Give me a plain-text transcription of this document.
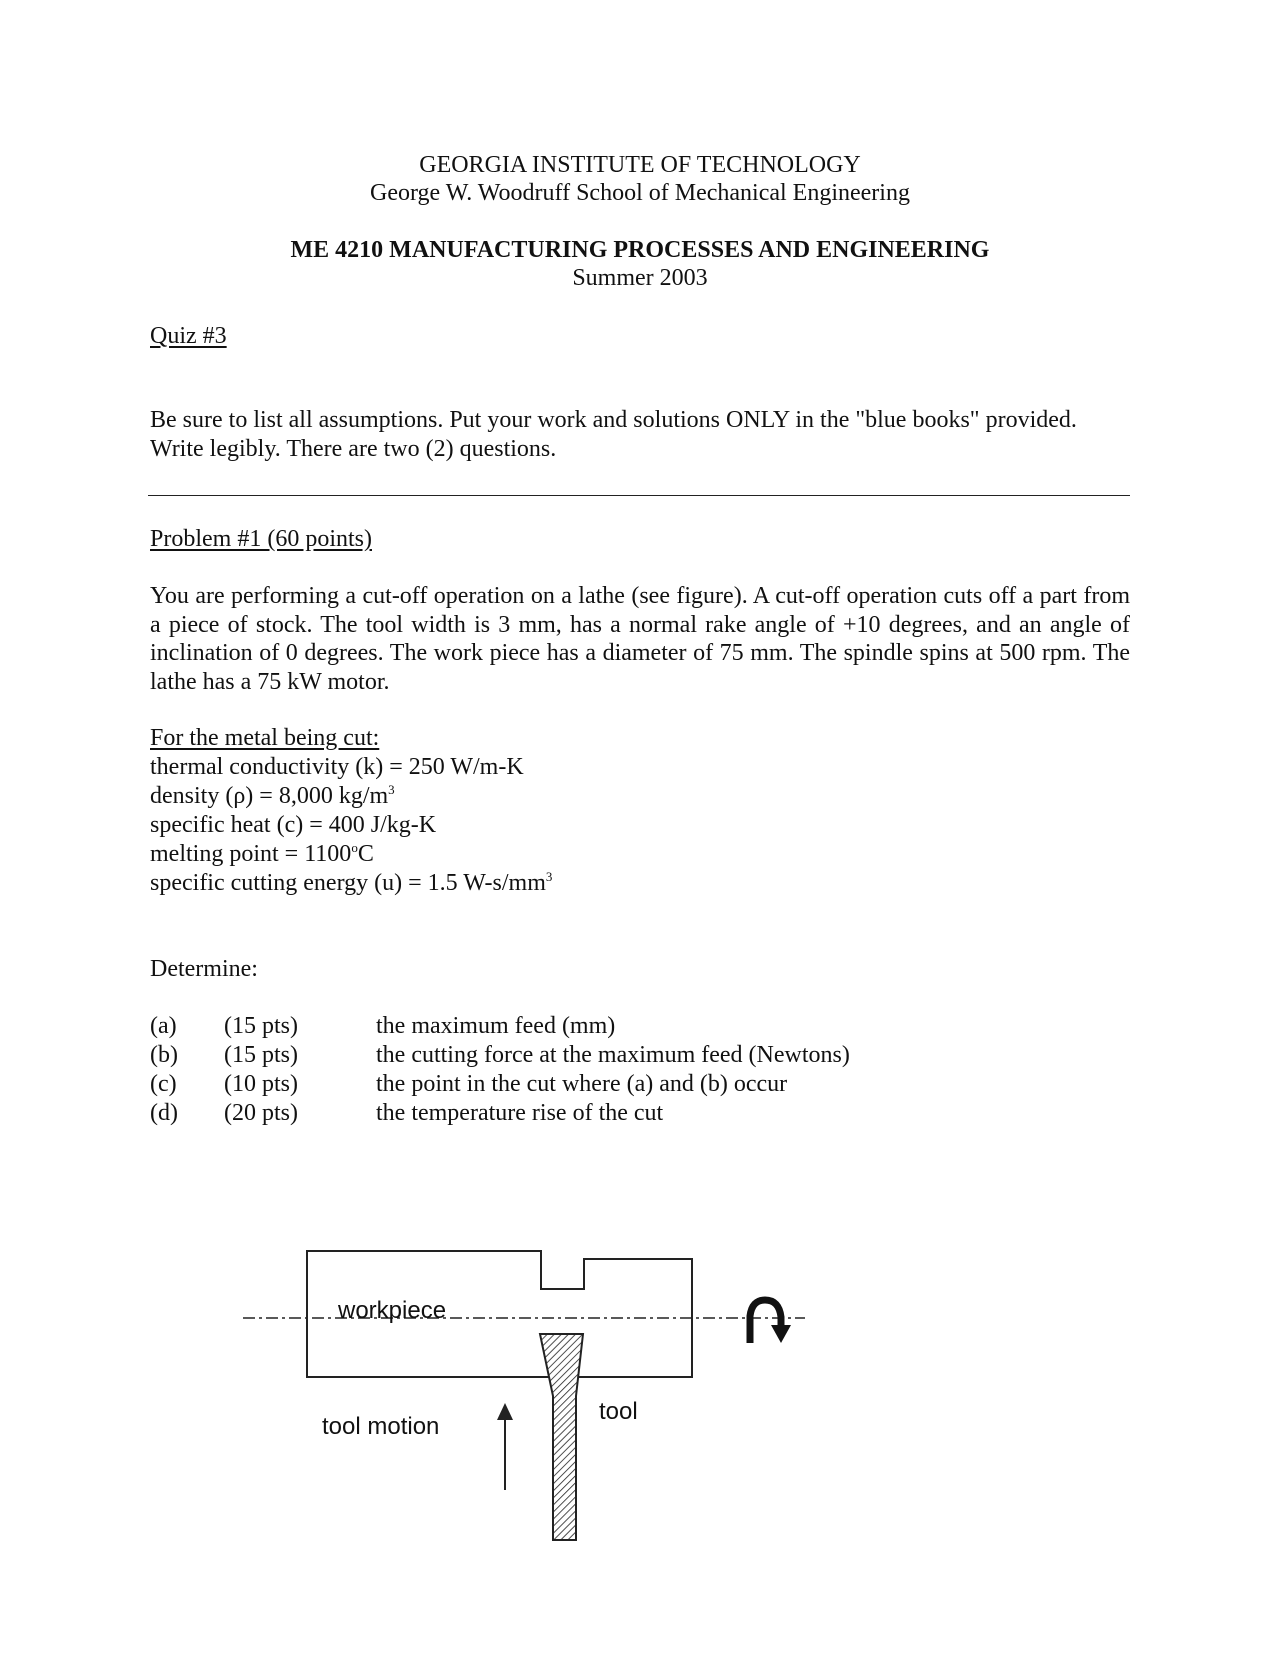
GEORGIA INSTITUTE OF TECHNOLOGY
George W. Woodruff School of Mechanical Engineering
ME 4210 MANUFACTURING PROCESSES AND ENGINEERING
Summer 2003
Quiz #3
Be sure to list all assumptions. Put your work and solutions ONLY in the "blue books" provided.
Write legibly. There are two (2) questions.
Problem #1 (60 points)
You are performing a cut-off operation on a lathe (see figure). A cut-off operation cuts off a part from a piece of stock. The tool width is 3 mm, has a normal rake angle of +10 degrees, and an angle of inclination of 0 degrees. The work piece has a diameter of 75 mm. The spindle spins at 500 rpm. The lathe has a 75 kW motor.
For the metal being cut:
thermal conductivity (k) = 250 W/m-K
density (ρ) = 8,000 $kg/m^3$
specific heat (c) = 400 J/kg-K
melting point = $1100^oC$
specific cutting energy (u) = 1.5 $W-s/mm^3$
Determine:
(a) (15 pts)	the maximum feed (mm)
(b) (15 pts)	the cutting force at the maximum feed (Newtons)
(c) (10 pts)	the point in the cut where (a) and (b) occur
(d) (20 pts)	the temperature rise of the cut
workpiece
tool
tool motion
